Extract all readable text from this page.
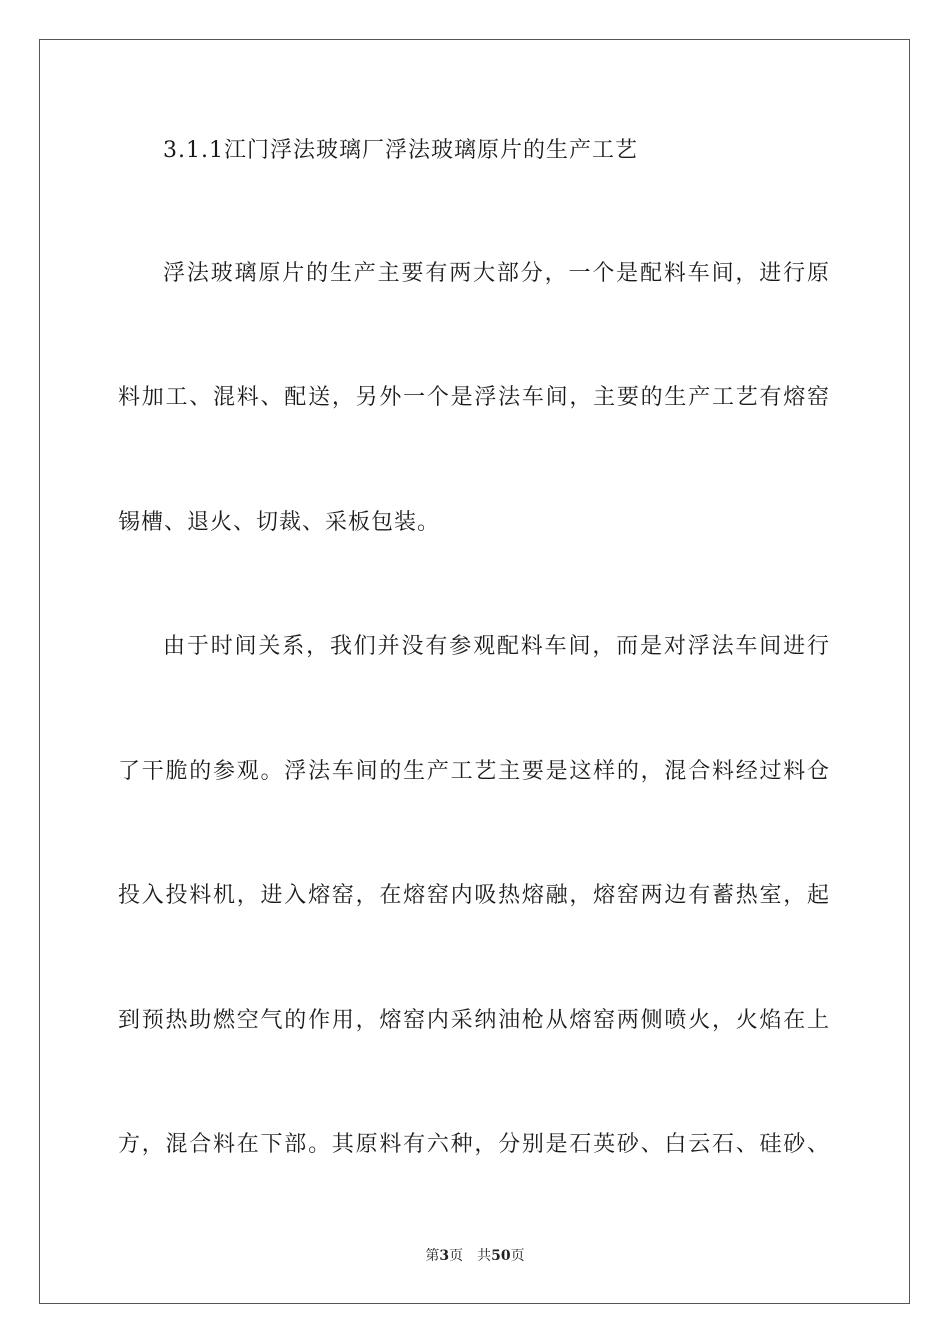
3.1.1江门浮法玻璃厂浮法玻璃原片的生产工艺
浮法玻璃原片的生产主要有两大部分，一个是配料车间，进行原
料加工、混料、配送，另外一个是浮法车间，主要的生产工艺有熔窑
锡槽、退火、切裁、采板包装。
由于时间关系，我们并没有参观配料车间，而是对浮法车间进行
了干脆的参观。浮法车间的生产工艺主要是这样的，混合料经过料仓
投入投料机，进入熔窑，在熔窑内吸热熔融，熔窑两边有蓄热室，起
到预热助燃空气的作用，熔窑内采纳油枪从熔窑两侧喷火，火焰在上
方，混合料在下部。其原料有六种，分别是石英砂、白云石、硅砂、
第3页 共50页
